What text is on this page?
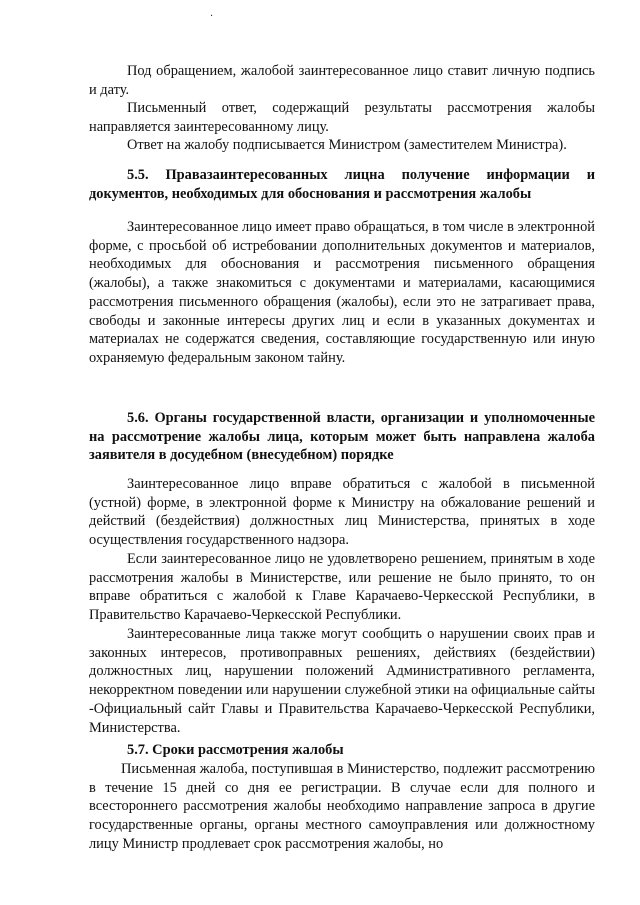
·

Под обращением, жалобой заинтересованное лицо ставит личную подпись и дату.

Письменный ответ, содержащий результаты рассмотрения жалобы направляется заинтересованному лицу.

Ответ на жалобу подписывается Министром (заместителем Министра).

5.5. Правазаинтересованных лицна получение информации и документов, необходимых для обоснования и рассмотрения жалобы

Заинтересованное лицо имеет право обращаться, в том числе в электронной форме, с просьбой об истребовании дополнительных документов и материалов, необходимых для обоснования и рассмотрения письменного обращения (жалобы), а также знакомиться с документами и материалами, касающимися рассмотрения письменного обращения (жалобы), если это не затрагивает права, свободы и законные интересы других лиц и если в указанных документах и материалах не содержатся сведения, составляющие государственную или иную охраняемую федеральным законом тайну.

5.6. Органы государственной власти, организации и уполномоченные на рассмотрение жалобы лица, которым может быть направлена жалоба заявителя в досудебном (внесудебном) порядке

Заинтересованное лицо вправе обратиться с жалобой в письменной (устной) форме, в электронной форме к Министру на обжалование решений и действий (бездействия) должностных лиц Министерства, принятых в ходе осуществления государственного надзора.

Если заинтересованное лицо не удовлетворено решением, принятым в ходе рассмотрения жалобы в Министерстве, или решение не было принято, то он вправе обратиться с жалобой к Главе Карачаево-Черкесской Республики, в Правительство Карачаево-Черкесской Республики.

Заинтересованные лица также могут сообщить о нарушении своих прав и законных интересов, противоправных решениях, действиях (бездействии) должностных лиц, нарушении положений Административного регламента, некорректном поведении или нарушении служебной этики на официальные сайты -Официальный сайт Главы и Правительства Карачаево-Черкесской Республики, Министерства.

5.7. Сроки рассмотрения жалобы

Письменная жалоба, поступившая в Министерство, подлежит рассмотрению в течение 15 дней со дня ее регистрации. В случае если для полного и всестороннего рассмотрения жалобы необходимо направление запроса в другие государственные органы, органы местного самоуправления или должностному лицу Министр продлевает срок рассмотрения жалобы, но
